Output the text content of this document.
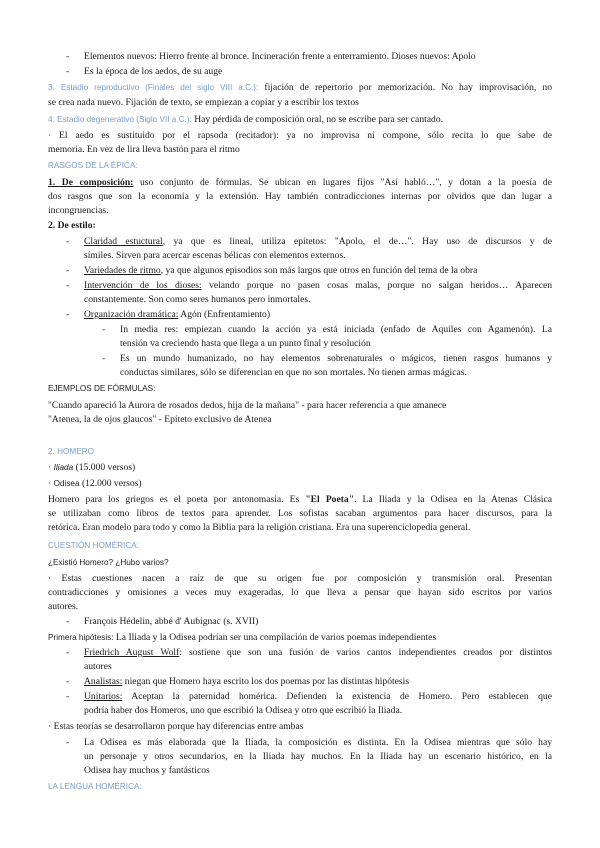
- Elementos nuevos: Hierro frente al bronce. Incineración frente a enterramiento. Dioses nuevos: Apolo
- Es la época de los aedos, de su auge
3. Estadio reproductivo (Finales del siglo VIII a.C.): fijación de repertorio por memorización. No hay improvisación, no
se crea nada nuevo. Fijación de texto, se empiezan a copiar y a escribir los textos
4. Estadio degenerativo (Siglo VII a.C.): Hay pérdida de composición oral, no se escribe para ser cantado.
· El aedo es sustituido por el rapsoda (recitador): ya no improvisa ni compone, sólo recita lo que sabe de
memoria. En vez de lira lleva bastón para el ritmo
RASGOS DE LA ÉPICA:
1. De composición: uso conjunto de fórmulas. Se ubican en lugares fijos "Así habló…", y dotan a la poesía de
dos rasgos que son la economía y la extensión. Hay también contradicciones internas por olvidos que dan lugar a
incongruencias.
2. De estilo:
- Claridad estuctural, ya que es lineal, utiliza epítetos: "Apolo, el de…". Hay uso de discursos y de
símiles. Sirven para acercar escenas bélicas con elementos externos.
- Variedades de ritmo, ya que algunos episodios son más largos que otros en función del tema de la obra
- Intervención de los dioses: velando porque no pasen cosas malas, porque no salgan heridos… Aparecen
constantemente. Son como seres humanos pero inmortales.
- Organización dramática: Agón (Enfrentamiento)
- In media res: empiezan cuando la acción ya está iniciada (enfado de Aquiles con Agamenón). La
tensión va creciendo hasta que llega a un punto final y resolución
- Es un mundo humanizado, no hay elementos sobrenaturales o mágicos, tienen rasgos humanos y
conductas similares, sólo se diferencian en que no son mortales. No tienen armas mágicas.
EJEMPLOS DE FÓRMULAS:
"Cuando apareció la Aurora de rosados dedos, hija de la mañana" - para hacer referencia a que amanece
"Atenea, la de ojos glaucos" - Epíteto exclusivo de Atenea
2. HOMERO
· Iliada (15.000 versos)
· Odisea (12.000 versos)
Homero para los griegos es el poeta por antonomasia. Es "El Poeta". La Iliada y la Odisea en la Atenas Clásica
se utilizaban como libros de textos para aprender. Los sofistas sacaban argumentos para hacer discursos, para la
retórica. Eran modelo para todo y como la Biblia para la religión cristiana. Era una superenciclopedia general.
CUESTIÓN HOMÉRICA:
¿Existió Homero? ¿Hubo varios?
· Estas cuestiones nacen a raíz de que su origen fue por composición y transmisión oral. Presentan
contradicciones y omisiones a veces muy exageradas, lo que lleva a pensar que hayan sido escritos por varios
autores.
- François Hédelin, abbé d' Aubignac (s. XVII)
Primera hipótesis: La Iliada y la Odisea podrían ser una compilación de varios poemas independientes
- Friedrich August Wolf: sostiene que son una fusión de varios cantos independientes creados por distintos
autores
- Analistas: niegan que Homero haya escrito los dos poemas por las distintas hipótesis
- Unitarios: Aceptan la paternidad homérica. Defienden la existencia de Homero. Pero establecen que
podría haber dos Homeros, uno que escribió la Odisea y otro que escribió la Iliada.
· Estas teorías se desarrollaron porque hay diferencias entre ambas
- La Odisea es más elaborada que la Iliada, la composición es distinta. En la Odisea mientras que sólo hay
un personaje y otros secundarios, en la Iliada hay muchos. En la Iliada hay un escenario histórico, en la
Odisea hay muchos y fantásticos
LA LENGUA HOMÉRICA:
